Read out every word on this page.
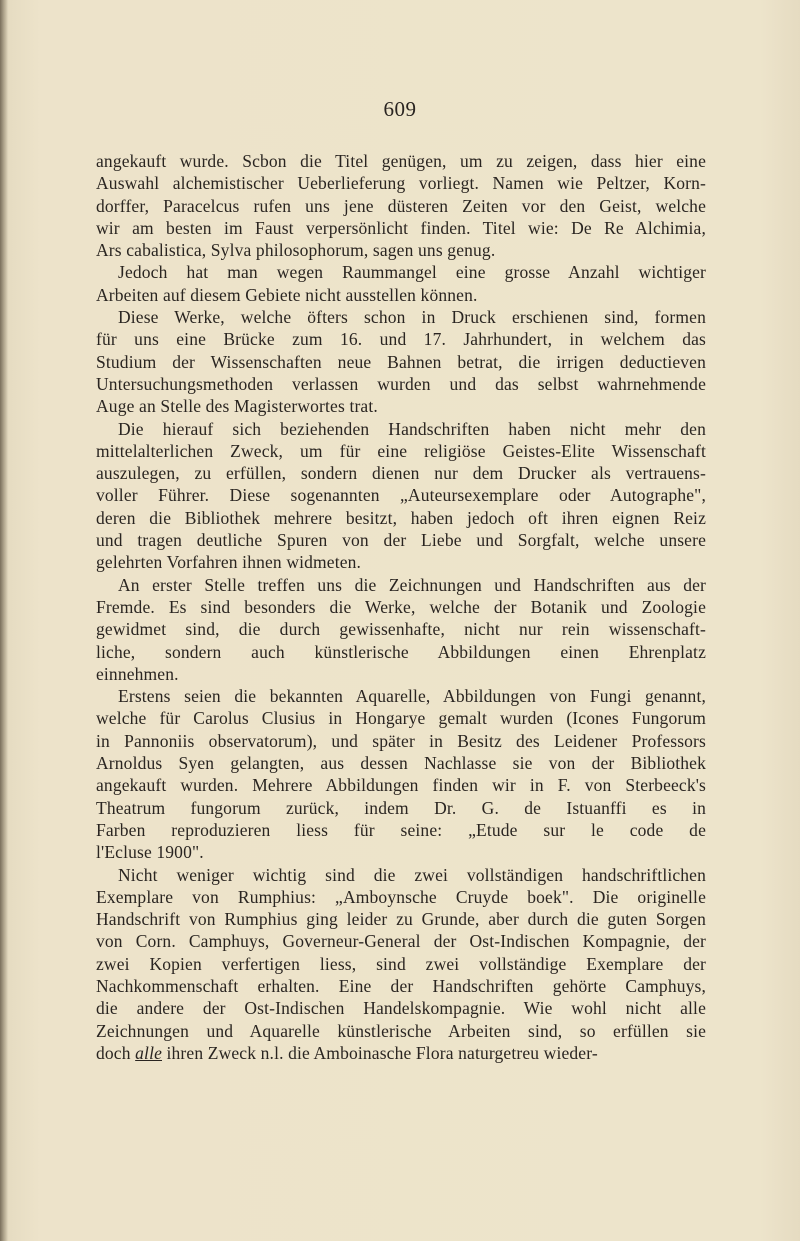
609
angekauft wurde. Scbon die Titel genügen, um zu zeigen, dass hier eine
Auswahl alchemistischer Ueberlieferung vorliegt. Namen wie Peltzer, Korn-
dorffer, Paracelcus rufen uns jene düsteren Zeiten vor den Geist, welche
wir am besten im Faust verpersönlicht finden. Titel wie: De Re Alchimia,
Ars cabalistica, Sylva philosophorum, sagen uns genug.
Jedoch hat man wegen Raummangel eine grosse Anzahl wichtiger
Arbeiten auf diesem Gebiete nicht ausstellen können.
Diese Werke, welche öfters schon in Druck erschienen sind, formen
für uns eine Brücke zum 16. und 17. Jahrhundert, in welchem das
Studium der Wissenschaften neue Bahnen betrat, die irrigen deductieven
Untersuchungsmethoden verlassen wurden und das selbst wahrnehmende
Auge an Stelle des Magisterwortes trat.
Die hierauf sich beziehenden Handschriften haben nicht mehr den
mittelalterlichen Zweck, um für eine religiöse Geistes-Elite Wissenschaft
auszulegen, zu erfüllen, sondern dienen nur dem Drucker als vertrauens-
voller Führer. Diese sogenannten „Auteursexemplare oder Autographe",
deren die Bibliothek mehrere besitzt, haben jedoch oft ihren eignen Reiz
und tragen deutliche Spuren von der Liebe und Sorgfalt, welche unsere
gelehrten Vorfahren ihnen widmeten.
An erster Stelle treffen uns die Zeichnungen und Handschriften aus der
Fremde. Es sind besonders die Werke, welche der Botanik und Zoologie
gewidmet sind, die durch gewissenhafte, nicht nur rein wissenschaft-
liche, sondern auch künstlerische Abbildungen einen Ehrenplatz
einnehmen.
Erstens seien die bekannten Aquarelle, Abbildungen von Fungi genannt,
welche für Carolus Clusius in Hongarye gemalt wurden (Icones Fungorum
in Pannoniis observatorum), und später in Besitz des Leidener Professors
Arnoldus Syen gelangten, aus dessen Nachlasse sie von der Bibliothek
angekauft wurden. Mehrere Abbildungen finden wir in F. von Sterbeeck's
Theatrum fungorum zurück, indem Dr. G. de Istuanffi es in
Farben reproduzieren liess für seine: „Etude sur le code de
l'Ecluse 1900".
Nicht weniger wichtig sind die zwei vollständigen handschriftlichen
Exemplare von Rumphius: „Amboynsche Cruyde boek". Die originelle
Handschrift von Rumphius ging leider zu Grunde, aber durch die guten Sorgen
von Corn. Camphuys, Governeur-General der Ost-Indischen Kompagnie, der
zwei Kopien verfertigen liess, sind zwei vollständige Exemplare der
Nachkommenschaft erhalten. Eine der Handschriften gehörte Camphuys,
die andere der Ost-Indischen Handelskompagnie. Wie wohl nicht alle
Zeichnungen und Aquarelle künstlerische Arbeiten sind, so erfüllen sie
doch alle ihren Zweck n.l. die Amboinasche Flora naturgetreu wieder-
